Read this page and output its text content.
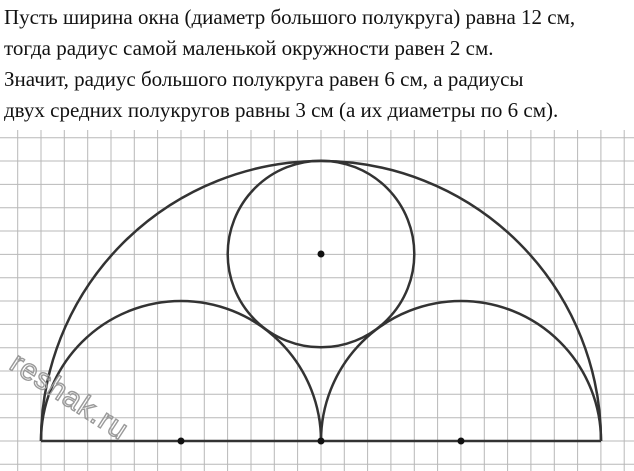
Пусть ширина окна (диаметр большого полукруга) равна 12 см,

тогда радиус самой маленькой окружности равен 2 см.

Значит, радиус большого полукруга равен 6 см, а радиусы

двух средних полукругов равны 3 см (а их диаметры по 6 см).

reshak.ru
